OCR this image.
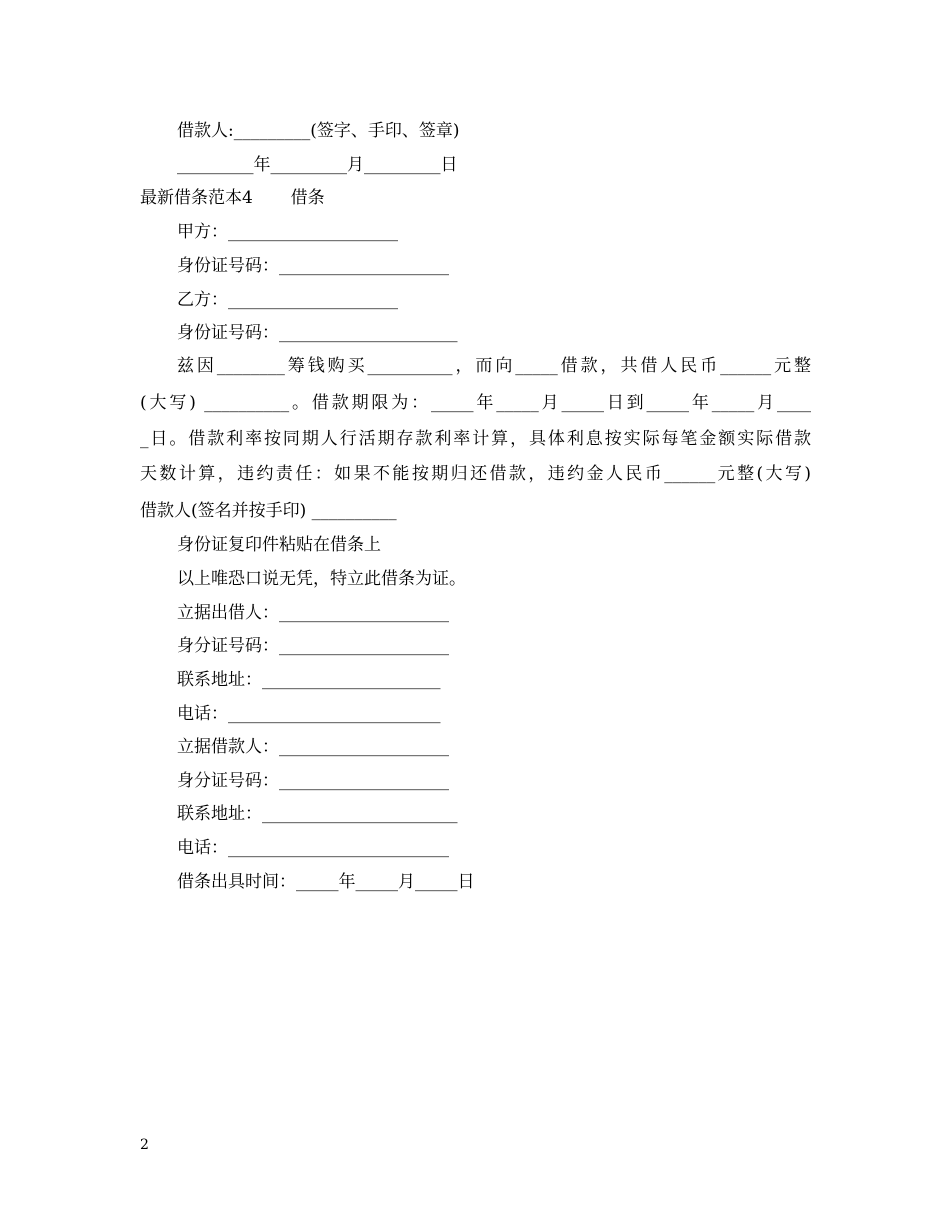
借款人:_________(签字、手印、签章)
_________年_________月_________日
最新借条范本4       借条
甲方：____________________
身份证号码：____________________
乙方：____________________
身份证号码：_____________________
兹因________筹钱购买__________，而向_____借款，共借人民币______元整
(大写) __________。借款期限为：_____年_____月_____日到_____年_____月____
_日。借款利率按同期人行活期存款利率计算，具体利息按实际每笔金额实际借款
天数计算，违约责任：如果不能按期归还借款，违约金人民币______元整(大写)
借款人(签名并按手印) __________
身份证复印件粘贴在借条上
以上唯恐口说无凭，特立此借条为证。
立据出借人：____________________
身分证号码：____________________
联系地址：_____________________
电话：_________________________
立据借款人：____________________
身分证号码：____________________
联系地址：_______________________
电话：__________________________
借条出具时间：_____年_____月_____日
2
